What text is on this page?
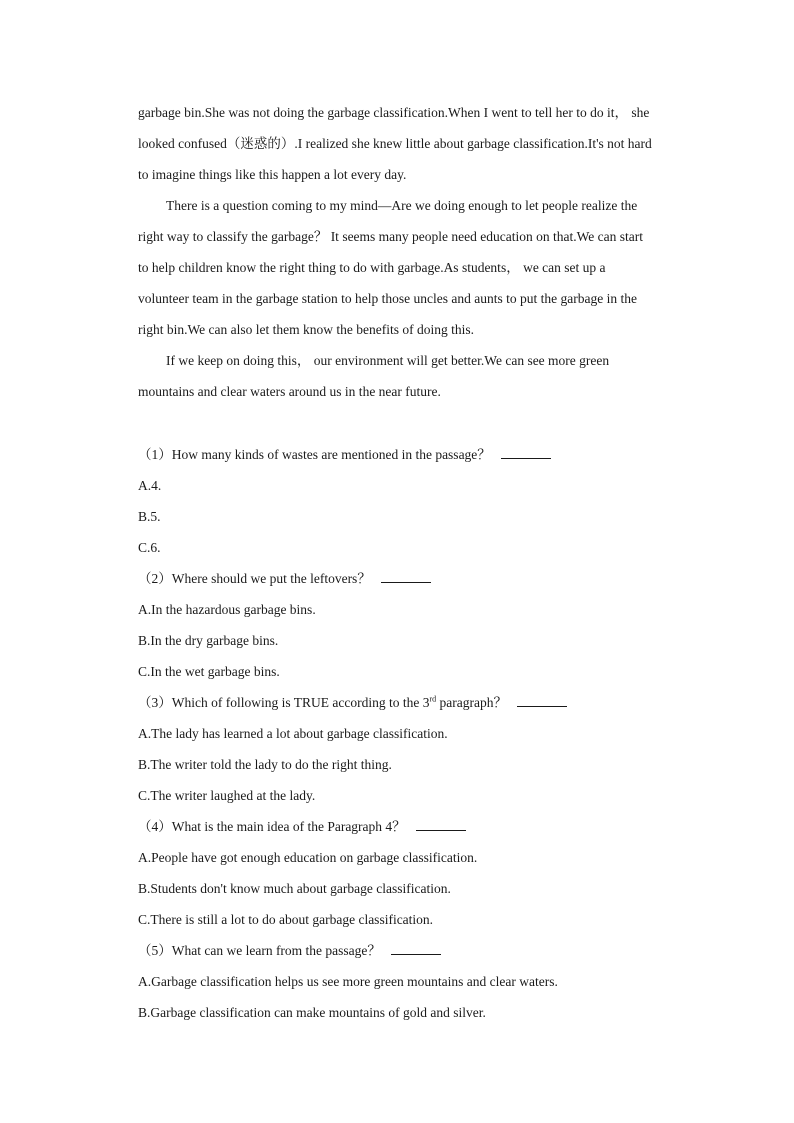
garbage bin.She was not doing the garbage classification.When I went to tell her to do it， she

looked confused（迷惑的）.I realized she knew little about garbage classification.It's not hard

to imagine things like this happen a lot every day.

There is a question coming to my mind—Are we doing enough to let people realize the

right way to classify the garbage？ It seems many people need education on that.We can start

to help children know the right thing to do with garbage.As students， we can set up a

volunteer team in the garbage station to help those uncles and aunts to put the garbage in the

right bin.We can also let them know the benefits of doing this.

If we keep on doing this， our environment will get better.We can see more green

mountains and clear waters around us in the near future.

（1）How many kinds of wastes are mentioned in the passage？
A.4.
B.5.
C.6.
（2）Where should we put the leftovers？
A.In the hazardous garbage bins.
B.In the dry garbage bins.
C.In the wet garbage bins.
（3）Which of following is TRUE according to the 3rd paragraph？
A.The lady has learned a lot about garbage classification.
B.The writer told the lady to do the right thing.
C.The writer laughed at the lady.
（4）What is the main idea of the Paragraph 4？
A.People have got enough education on garbage classification.
B.Students don't know much about garbage classification.
C.There is still a lot to do about garbage classification.
（5）What can we learn from the passage？
A.Garbage classification helps us see more green mountains and clear waters.
B.Garbage classification can make mountains of gold and silver.
